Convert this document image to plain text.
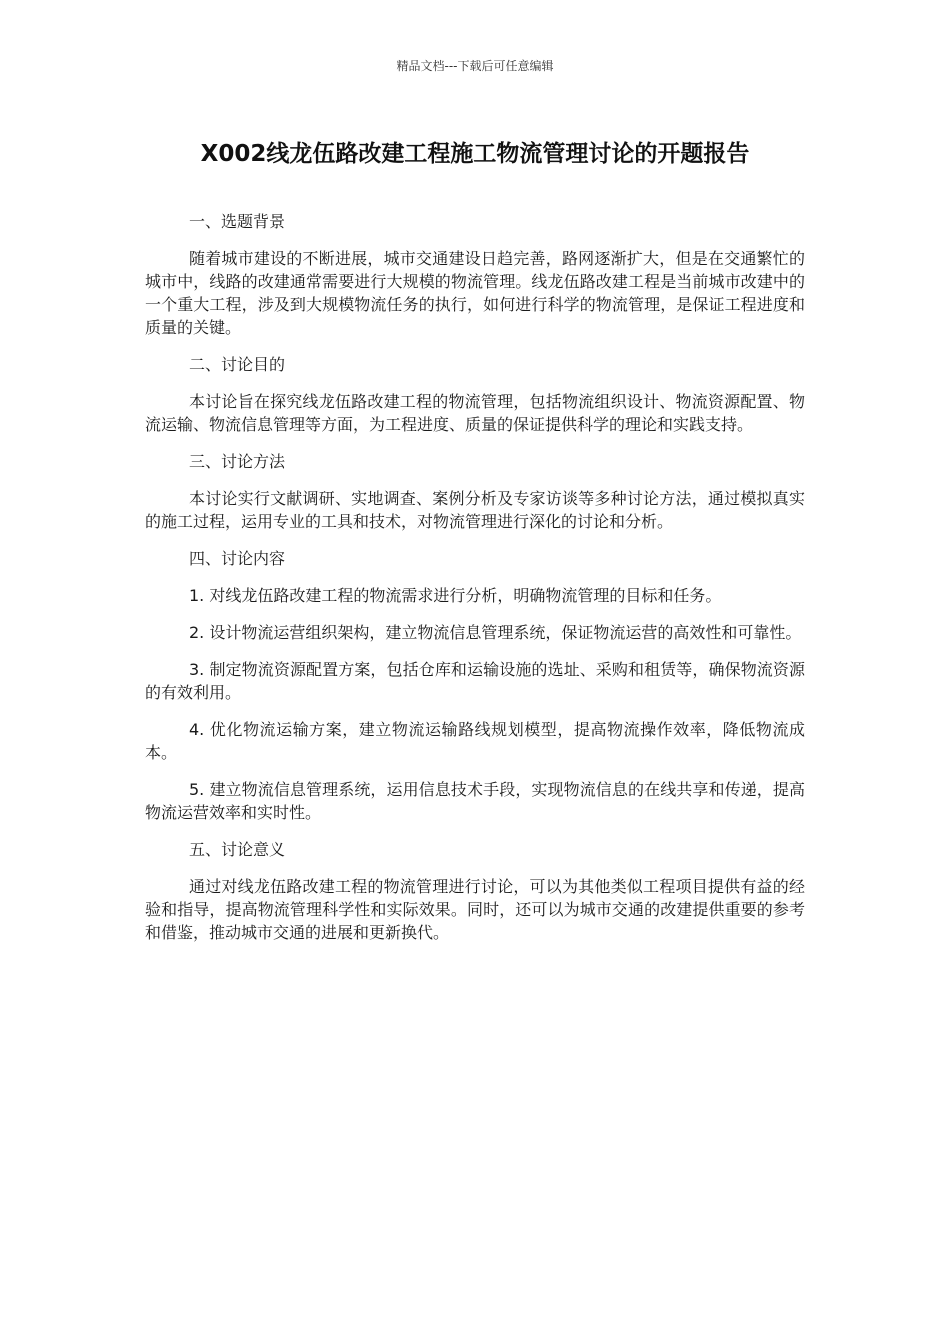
精品文档---下载后可任意编辑
X002线龙伍路改建工程施工物流管理讨论的开题报告

一、选题背景

随着城市建设的不断进展，城市交通建设日趋完善，路网逐渐扩大，但是在交通繁忙的城市中，线路的改建通常需要进行大规模的物流管理。线龙伍路改建工程是当前城市改建中的一个重大工程，涉及到大规模物流任务的执行，如何进行科学的物流管理，是保证工程进度和质量的关键。

二、讨论目的

本讨论旨在探究线龙伍路改建工程的物流管理，包括物流组织设计、物流资源配置、物流运输、物流信息管理等方面，为工程进度、质量的保证提供科学的理论和实践支持。

三、讨论方法

本讨论实行文献调研、实地调查、案例分析及专家访谈等多种讨论方法，通过模拟真实的施工过程，运用专业的工具和技术，对物流管理进行深化的讨论和分析。

四、讨论内容

1. 对线龙伍路改建工程的物流需求进行分析，明确物流管理的目标和任务。

2. 设计物流运营组织架构，建立物流信息管理系统，保证物流运营的高效性和可靠性。

3. 制定物流资源配置方案，包括仓库和运输设施的选址、采购和租赁等，确保物流资源的有效利用。

4. 优化物流运输方案，建立物流运输路线规划模型，提高物流操作效率，降低物流成本。

5. 建立物流信息管理系统，运用信息技术手段，实现物流信息的在线共享和传递，提高物流运营效率和实时性。

五、讨论意义

通过对线龙伍路改建工程的物流管理进行讨论，可以为其他类似工程项目提供有益的经验和指导，提高物流管理科学性和实际效果。同时，还可以为城市交通的改建提供重要的参考和借鉴，推动城市交通的进展和更新换代。
